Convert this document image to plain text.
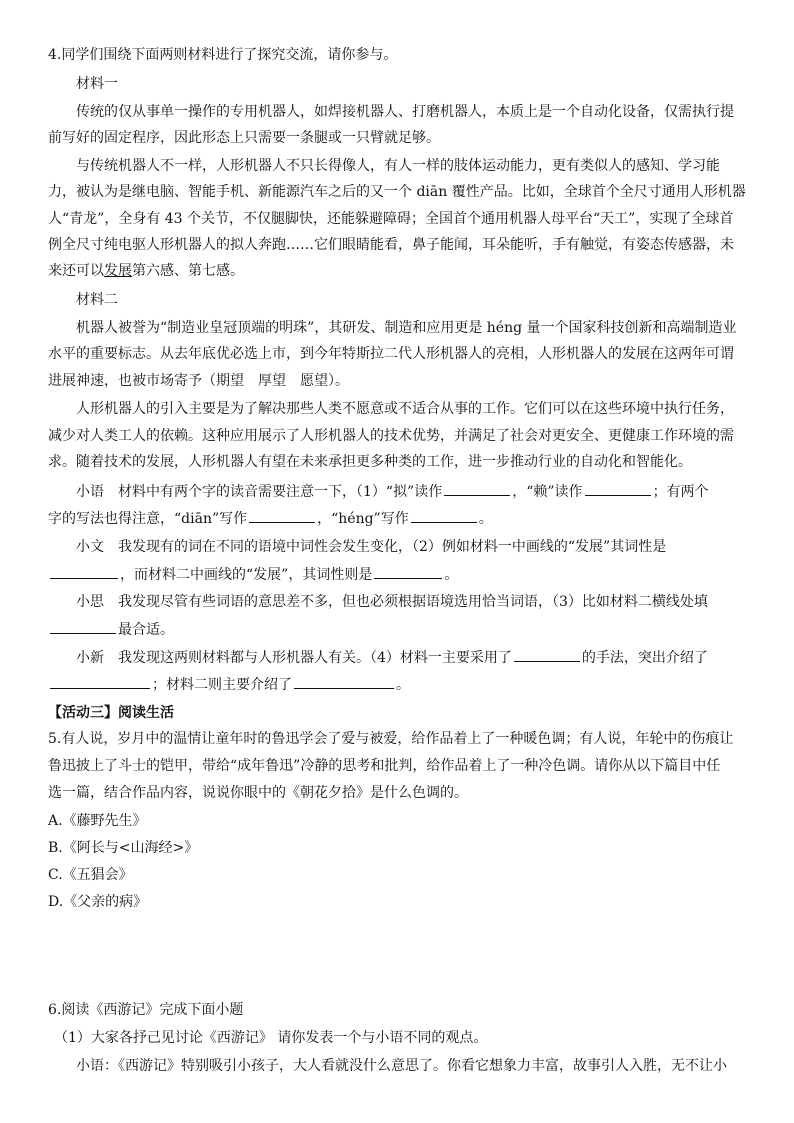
4.同学们围绕下面两则材料进行了探究交流，请你参与。
材料一
传统的仅从事单一操作的专用机器人，如焊接机器人、打磨机器人，本质上是一个自动化设备，仅需执行提
前写好的固定程序，因此形态上只需要一条腿或一只臂就足够。
与传统机器人不一样，人形机器人不只长得像人，有人一样的肢体运动能力，更有类似人的感知、学习能
力，被认为是继电脑、智能手机、新能源汽车之后的又一个 diān 覆性产品。比如，全球首个全尺寸通用人形机器
人“青龙”，全身有 43 个关节，不仅腿脚快，还能躲避障碍；全国首个通用机器人母平台“天工”，实现了全球首
例全尺寸纯电驱人形机器人的拟人奔跑……它们眼睛能看，鼻子能闻，耳朵能听，手有触觉，有姿态传感器，未
来还可以发展第六感、第七感。
材料二
机器人被誉为“制造业皇冠顶端的明珠”，其研发、制造和应用更是 héng 量一个国家科技创新和高端制造业
水平的重要标志。从去年底优必选上市，到今年特斯拉二代人形机器人的亮相，人形机器人的发展在这两年可谓
进展神速，也被市场寄予（期望　厚望　愿望）。
人形机器人的引入主要是为了解决那些人类不愿意或不适合从事的工作。它们可以在这些环境中执行任务，
减少对人类工人的依赖。这种应用展示了人形机器人的技术优势，并满足了社会对更安全、更健康工作环境的需
求。随着技术的发展，人形机器人有望在未来承担更多种类的工作，进一步推动行业的自动化和智能化。
小语　材料中有两个字的读音需要注意一下，（1）“拟”读作	，“赖”读作	；有两个
字的写法也得注意，“diān”写作	，“héng”写作	。
小文　我发现有的词在不同的语境中词性会发生变化，（2）例如材料一中画线的“发展”其词性是
，而材料二中画线的“发展”，其词性则是	。
小思　我发现尽管有些词语的意思差不多，但也必须根据语境选用恰当词语，（3）比如材料二横线处填
最合适。
小新　我发现这两则材料都与人形机器人有关。（4）材料一主要采用了	的手法，突出介绍了
；材料二则主要介绍了	。
【活动三】阅读生活
5.有人说，岁月中的温情让童年时的鲁迅学会了爱与被爱，给作品着上了一种暖色调；有人说，年轮中的伤痕让
鲁迅披上了斗士的铠甲，带给“成年鲁迅”冷静的思考和批判，给作品着上了一种冷色调。请你从以下篇目中任
选一篇，结合作品内容，说说你眼中的《朝花夕拾》是什么色调的。
A.《藤野先生》
B.《阿长与<山海经>》
C.《五猖会》
D.《父亲的病》
6.阅读《西游记》完成下面小题
（1）大家各抒己见讨论《西游记》 请你发表一个与小语不同的观点。
小语：《西游记》特别吸引小孩子，大人看就没什么意思了。你看它想象力丰富，故事引人入胜，无不让小
